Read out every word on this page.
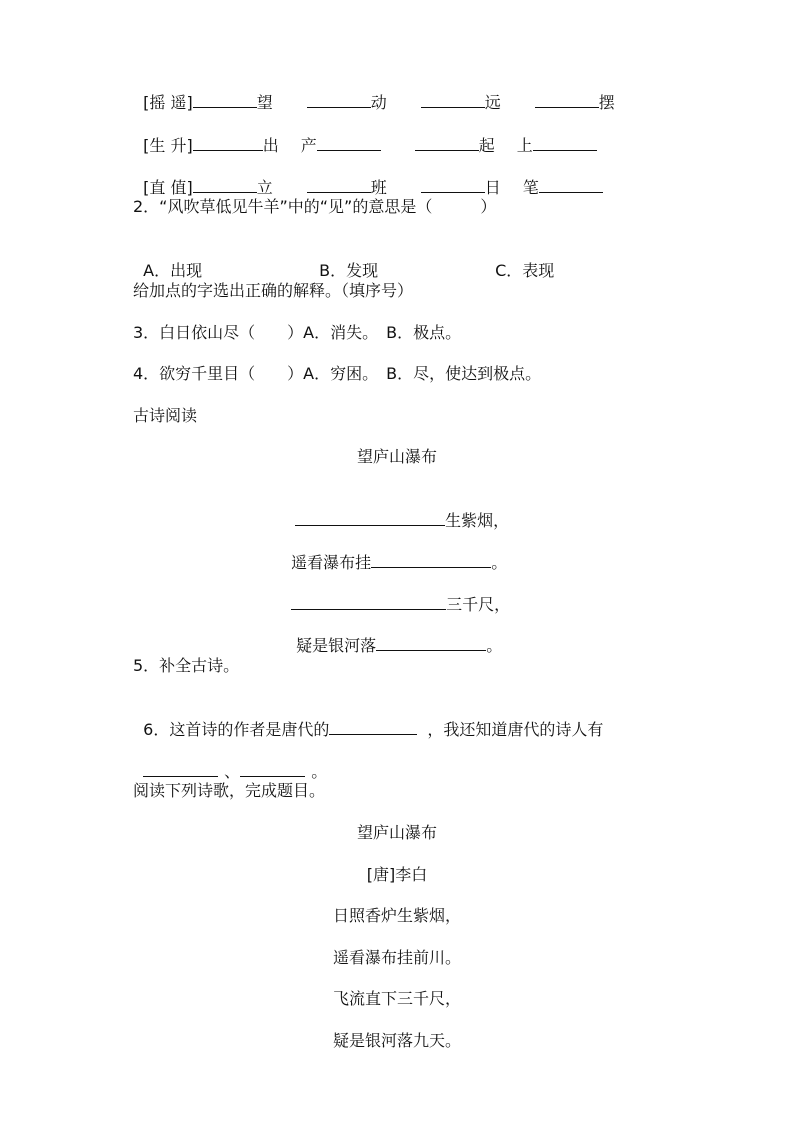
[摇 遥]	望	动	远	摆

[生 升]	出 产	起 上

[直 值]	立	班	日 笔

2．“风吹草低见牛羊”中的“见”的意思是（　　　）

A．出现	B．发现	C．表现

给加点的字选出正确的解释。（填序号）
3．白日依山尽（　　）A．消失。　B．极点。
4．欲穷千里目（　　）A．穷困。　B．尽，使达到极点。
古诗阅读
望庐山瀑布

生紫烟，

遥看瀑布挂	。

三千尺，

疑是银河落	。

5．补全古诗。

6．这首诗的作者是唐代的	，我还知道唐代的诗人有

、	。

阅读下列诗歌，完成题目。
望庐山瀑布
[唐]李白
日照香炉生紫烟，
遥看瀑布挂前川。
飞流直下三千尺，
疑是银河落九天。
